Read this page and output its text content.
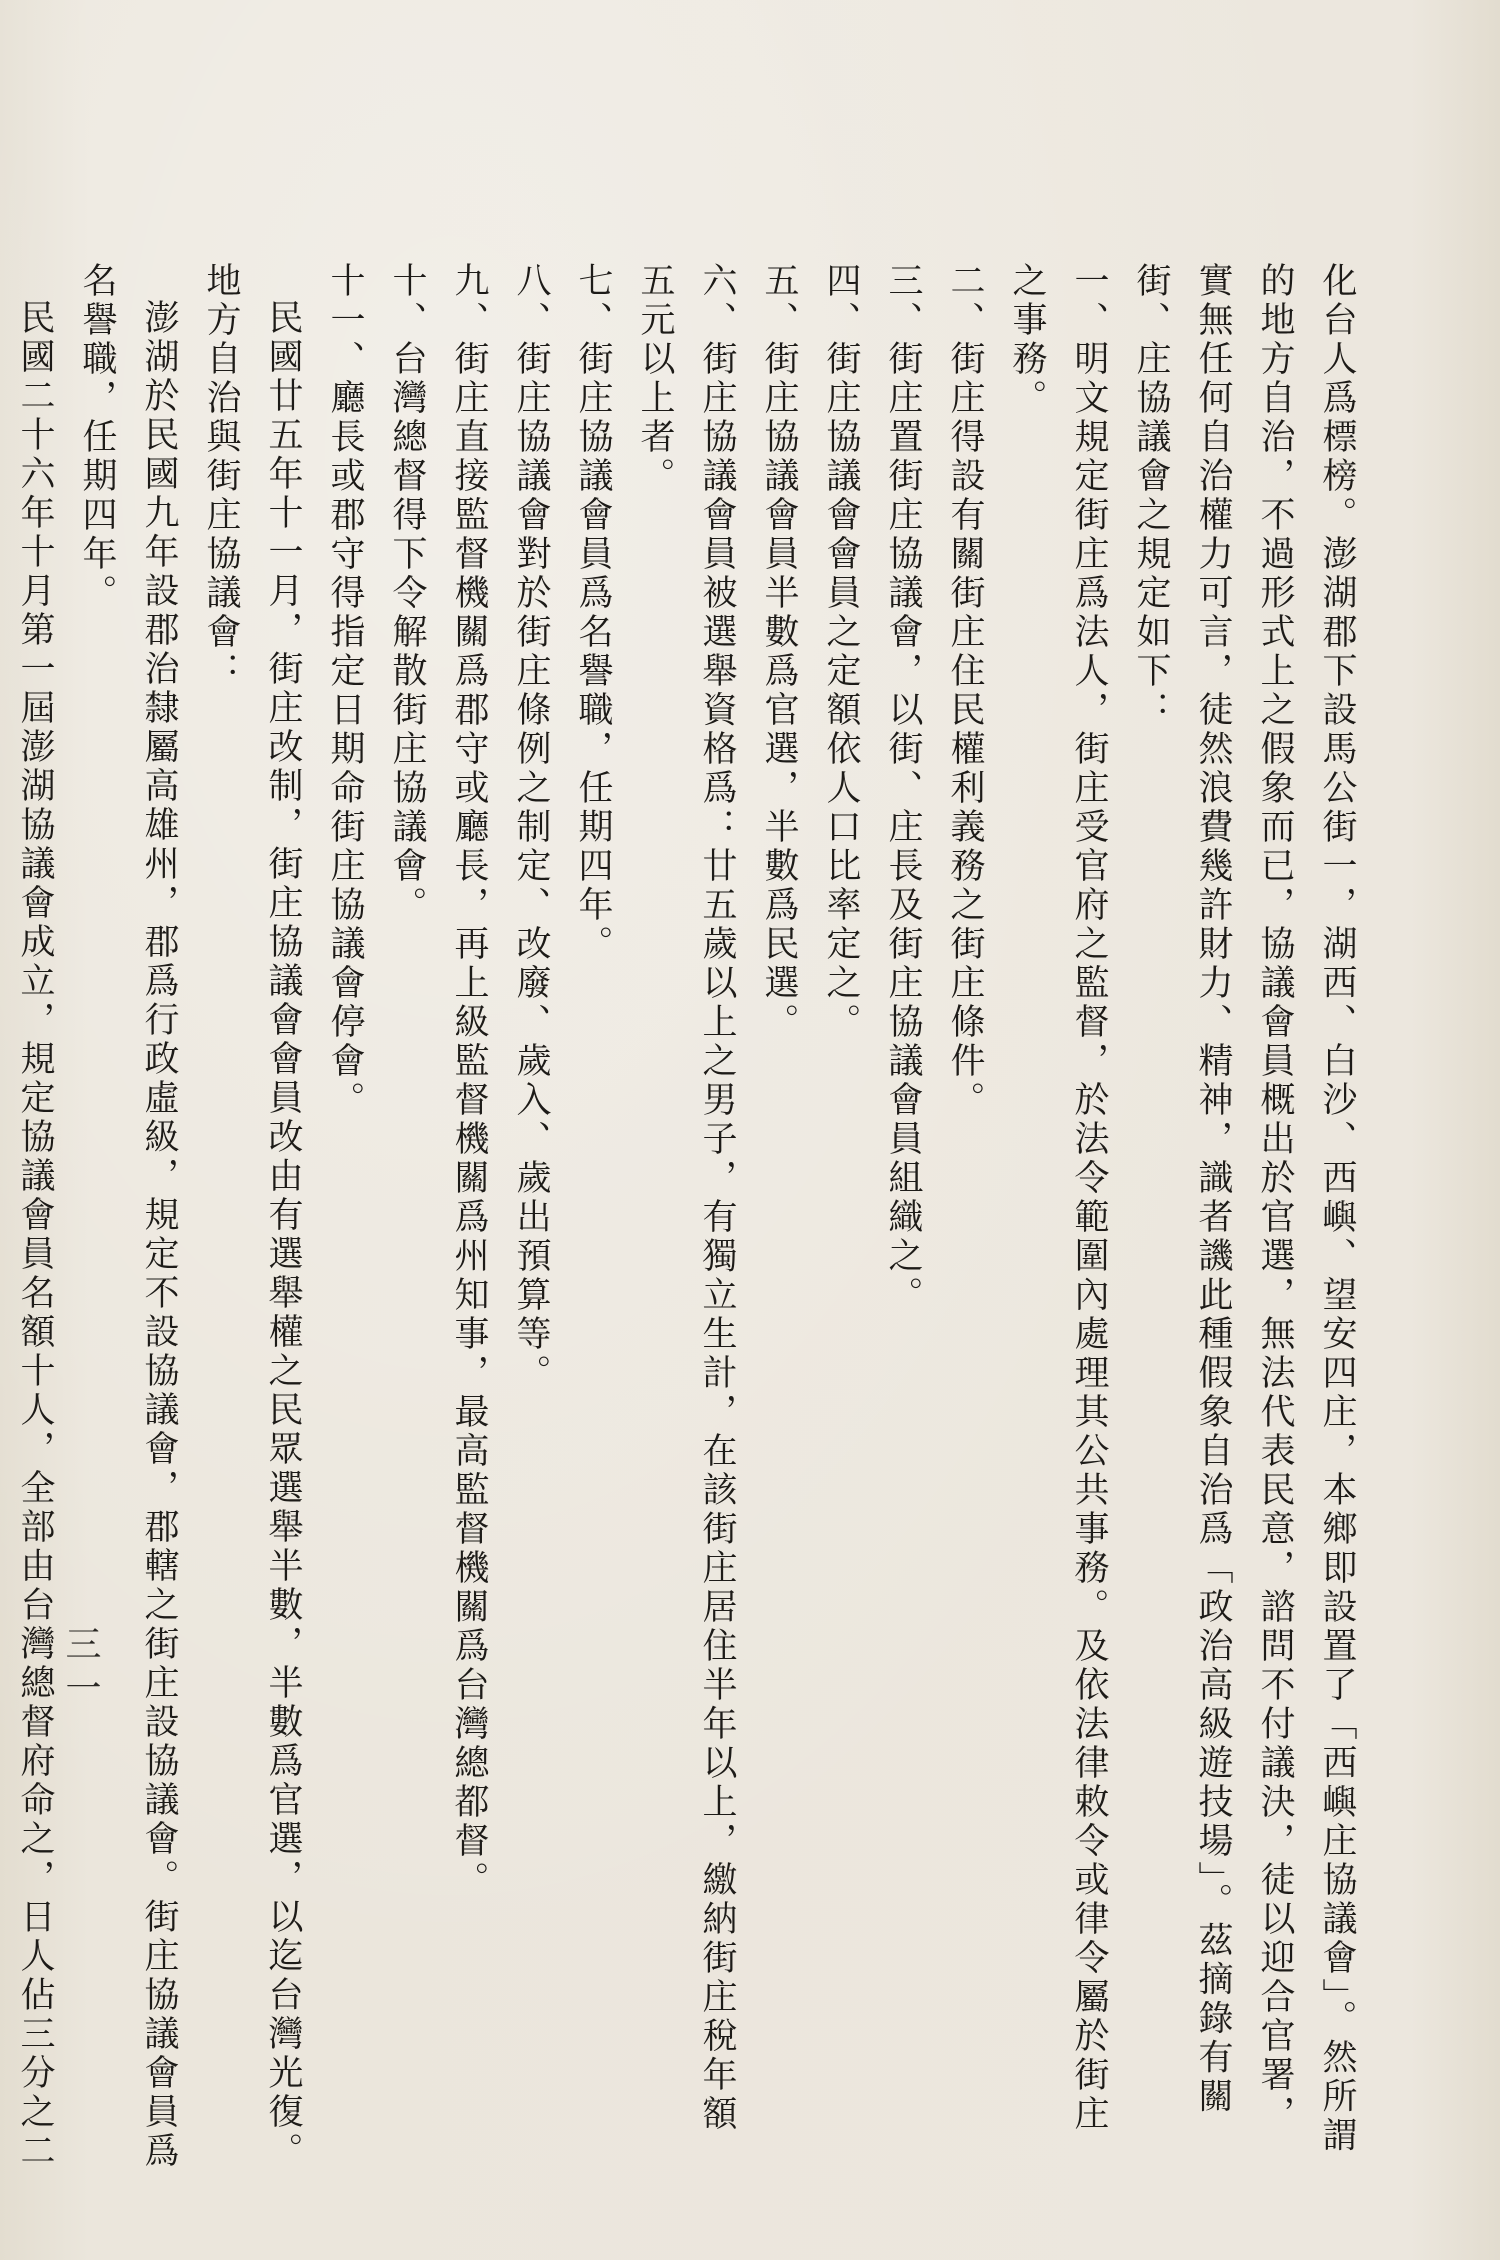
化台人爲標榜。澎湖郡下設馬公街一，湖西、白沙、西嶼、望安四庄，本鄉即設置了「西嶼庄協議會」。然所謂的地方自治，不過形式上之假象而已，協議會員概出於官選，無法代表民意，諮問不付議決，徒以迎合官署，實無任何自治權力可言，徒然浪費幾許財力、精神，識者譏此種假象自治爲「政治高級遊技場」。茲摘錄有關街、庄協議會之規定如下：

一、明文規定街庄爲法人，街庄受官府之監督，於法令範圍內處理其公共事務。及依法律敕令或律令屬於街庄之事務。

二、街庄得設有關街庄住民權利義務之街庄條件。

三、街庄置街庄協議會，以街、庄長及街庄協議會員組織之。

四、街庄協議會會員之定額依人口比率定之。

五、街庄協議會員半數爲官選，半數爲民選。

六、街庄協議會員被選舉資格爲：廿五歲以上之男子，有獨立生計，在該街庄居住半年以上，繳納街庄稅年額五元以上者。

七、街庄協議會員爲名譽職，任期四年。

八、街庄協議會對於街庄條例之制定、改廢、歲入、歲出預算等。

九、街庄直接監督機關爲郡守或廳長，再上級監督機關爲州知事，最高監督機關爲台灣總都督。

十、台灣總督得下令解散街庄協議會。

十一、廳長或郡守得指定日期命街庄協議會停會。

民國廿五年十一月，街庄改制，街庄協議會會員改由有選舉權之民眾選舉半數，半數爲官選，以迄台灣光復。

地方自治與街庄協議會：

澎湖於民國九年設郡治隸屬高雄州，郡爲行政虛級，規定不設協議會，郡轄之街庄設協議會。街庄協議會員爲名譽職，任期四年。

民國二十六年十月第一屆澎湖協議會成立，規定協議會員名額十人，全部由台灣總督府命之，日人佔三分之二

三一
